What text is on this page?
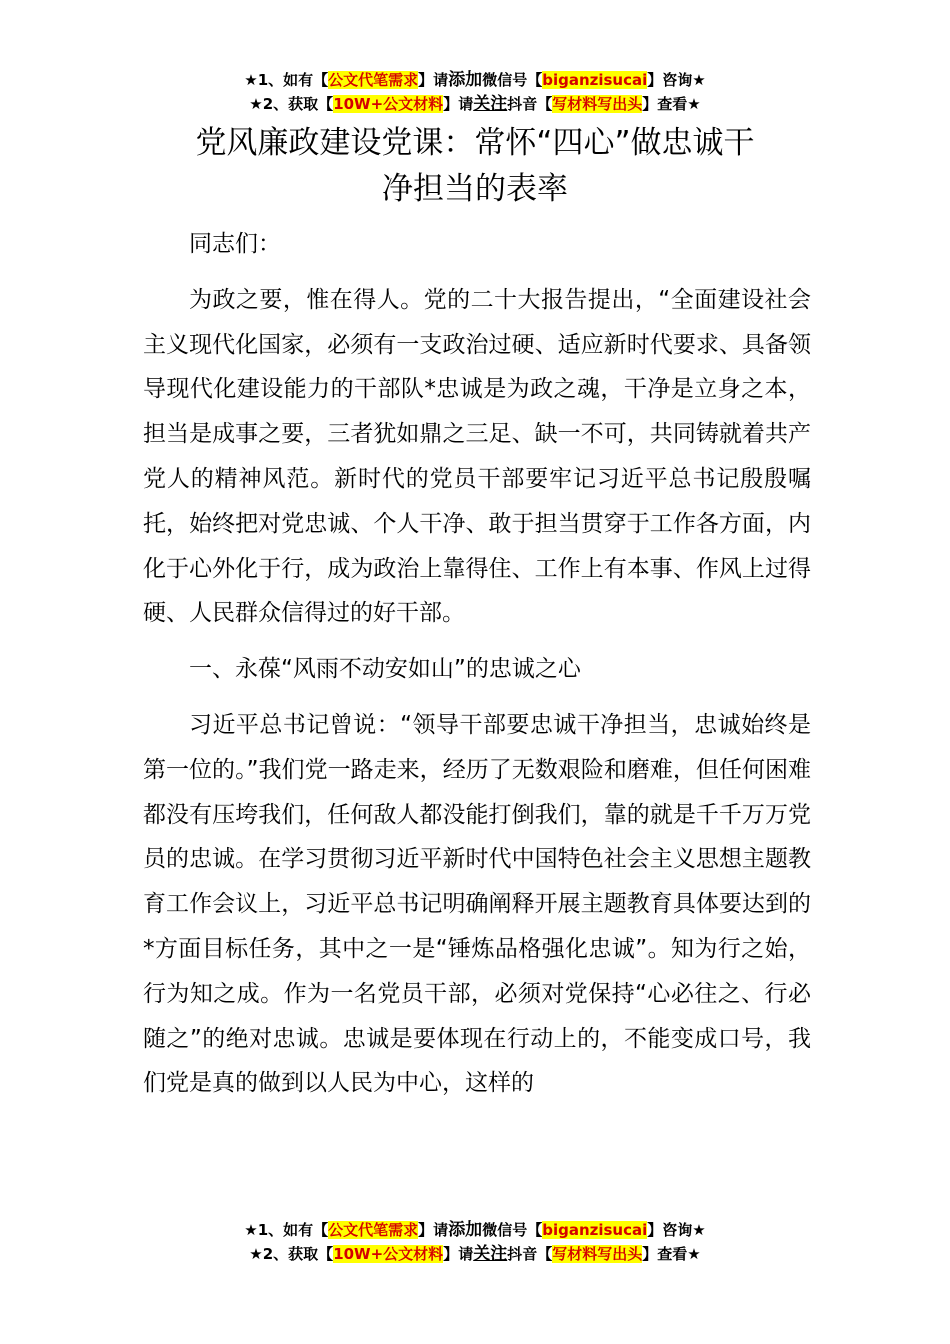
★1、如有【公文代笔需求】请添加微信号【biganzisucai】咨询★
★2、获取【10W+公文材料】请关注抖音【写材料写出头】查看★
党风廉政建设党课：常怀“四心”做忠诚干
净担当的表率

同志们：

为政之要，惟在得人。党的二十大报告提出，“全面建设社会主义现代化国家，必须有一支政治过硬、适应新时代要求、具备领导现代化建设能力的干部队*忠诚是为政之魂，干净是立身之本，担当是成事之要，三者犹如鼎之三足、缺一不可，共同铸就着共产党人的精神风范。新时代的党员干部要牢记习近平总书记殷殷嘱托，始终把对党忠诚、个人干净、敢于担当贯穿于工作各方面，内化于心外化于行，成为政治上靠得住、工作上有本事、作风上过得硬、人民群众信得过的好干部。

一、永葆“风雨不动安如山”的忠诚之心

习近平总书记曾说：“领导干部要忠诚干净担当，忠诚始终是第一位的。”我们党一路走来，经历了无数艰险和磨难，但任何困难都没有压垮我们，任何敌人都没能打倒我们，靠的就是千千万万党员的忠诚。在学习贯彻习近平新时代中国特色社会主义思想主题教育工作会议上，习近平总书记明确阐释开展主题教育具体要达到的*方面目标任务，其中之一是“锤炼品格强化忠诚”。知为行之始，行为知之成。作为一名党员干部，必须对党保持“心必往之、行必随之”的绝对忠诚。忠诚是要体现在行动上的，不能变成口号，我们党是真的做到以人民为中心，这样的

★1、如有【公文代笔需求】请添加微信号【biganzisucai】咨询★
★2、获取【10W+公文材料】请关注抖音【写材料写出头】查看★
